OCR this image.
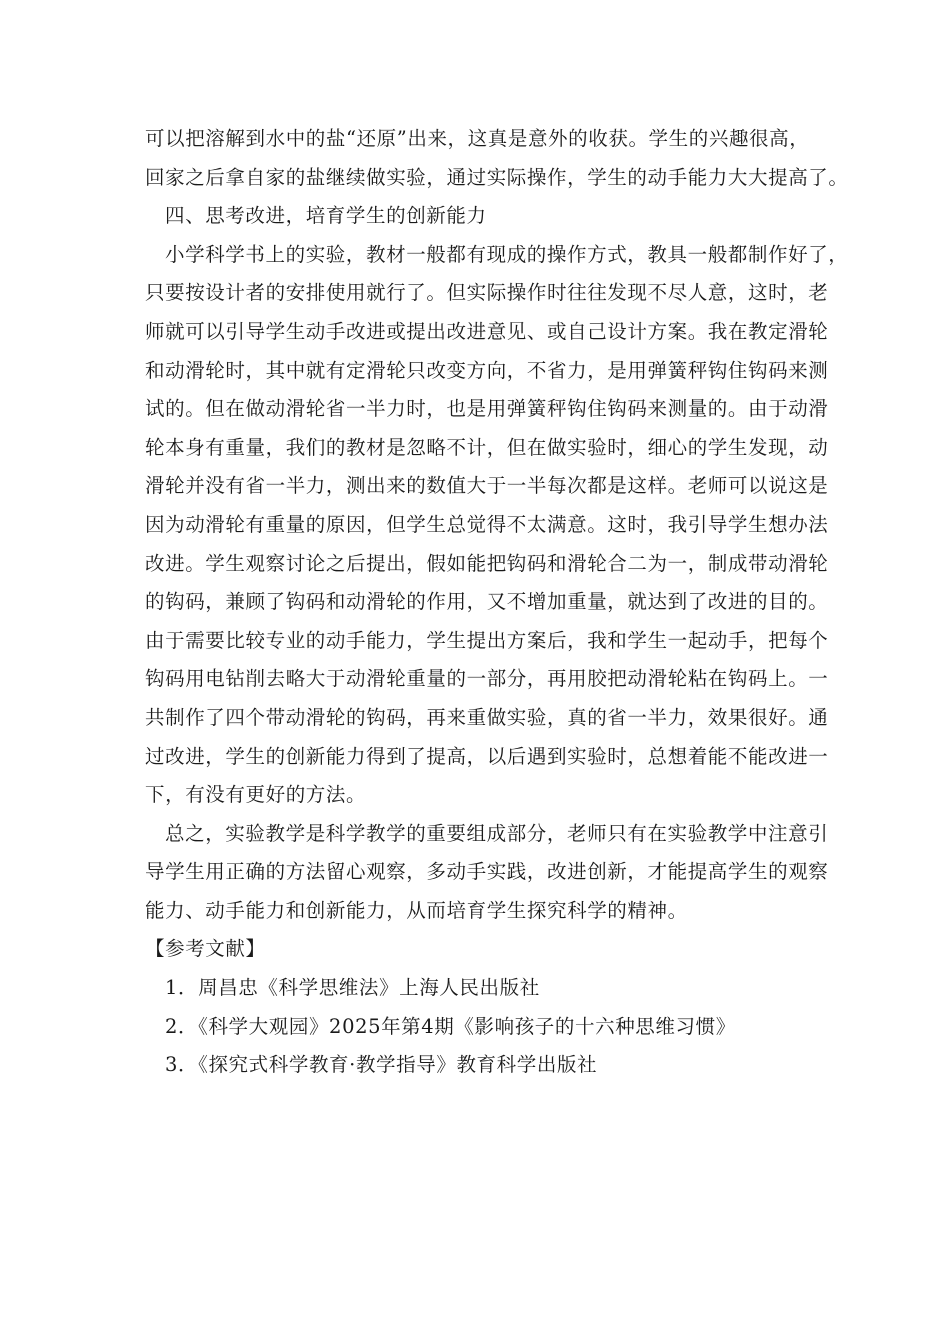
可以把溶解到水中的盐“还原”出来，这真是意外的收获。学生的兴趣很高，
回家之后拿自家的盐继续做实验，通过实际操作，学生的动手能力大大提高了。
四、思考改进，培育学生的创新能力
小学科学书上的实验，教材一般都有现成的操作方式，教具一般都制作好了，
只要按设计者的安排使用就行了。但实际操作时往往发现不尽人意，这时，老
师就可以引导学生动手改进或提出改进意见、或自己设计方案。我在教定滑轮
和动滑轮时，其中就有定滑轮只改变方向，不省力，是用弹簧秤钩住钩码来测
试的。但在做动滑轮省一半力时，也是用弹簧秤钩住钩码来测量的。由于动滑
轮本身有重量，我们的教材是忽略不计，但在做实验时，细心的学生发现，动
滑轮并没有省一半力，测出来的数值大于一半每次都是这样。老师可以说这是
因为动滑轮有重量的原因，但学生总觉得不太满意。这时，我引导学生想办法
改进。学生观察讨论之后提出，假如能把钩码和滑轮合二为一，制成带动滑轮
的钩码，兼顾了钩码和动滑轮的作用，又不增加重量，就达到了改进的目的。
由于需要比较专业的动手能力，学生提出方案后，我和学生一起动手，把每个
钩码用电钻削去略大于动滑轮重量的一部分，再用胶把动滑轮粘在钩码上。一
共制作了四个带动滑轮的钩码，再来重做实验，真的省一半力，效果很好。通
过改进，学生的创新能力得到了提高，以后遇到实验时，总想着能不能改进一
下，有没有更好的方法。
总之，实验教学是科学教学的重要组成部分，老师只有在实验教学中注意引
导学生用正确的方法留心观察，多动手实践，改进创新，才能提高学生的观察
能力、动手能力和创新能力，从而培育学生探究科学的精神。
【参考文献】
1．周昌忠《科学思维法》上海人民出版社
2．《科学大观园》2025年第4期《影响孩子的十六种思维习惯》
3．《探究式科学教育·教学指导》教育科学出版社
